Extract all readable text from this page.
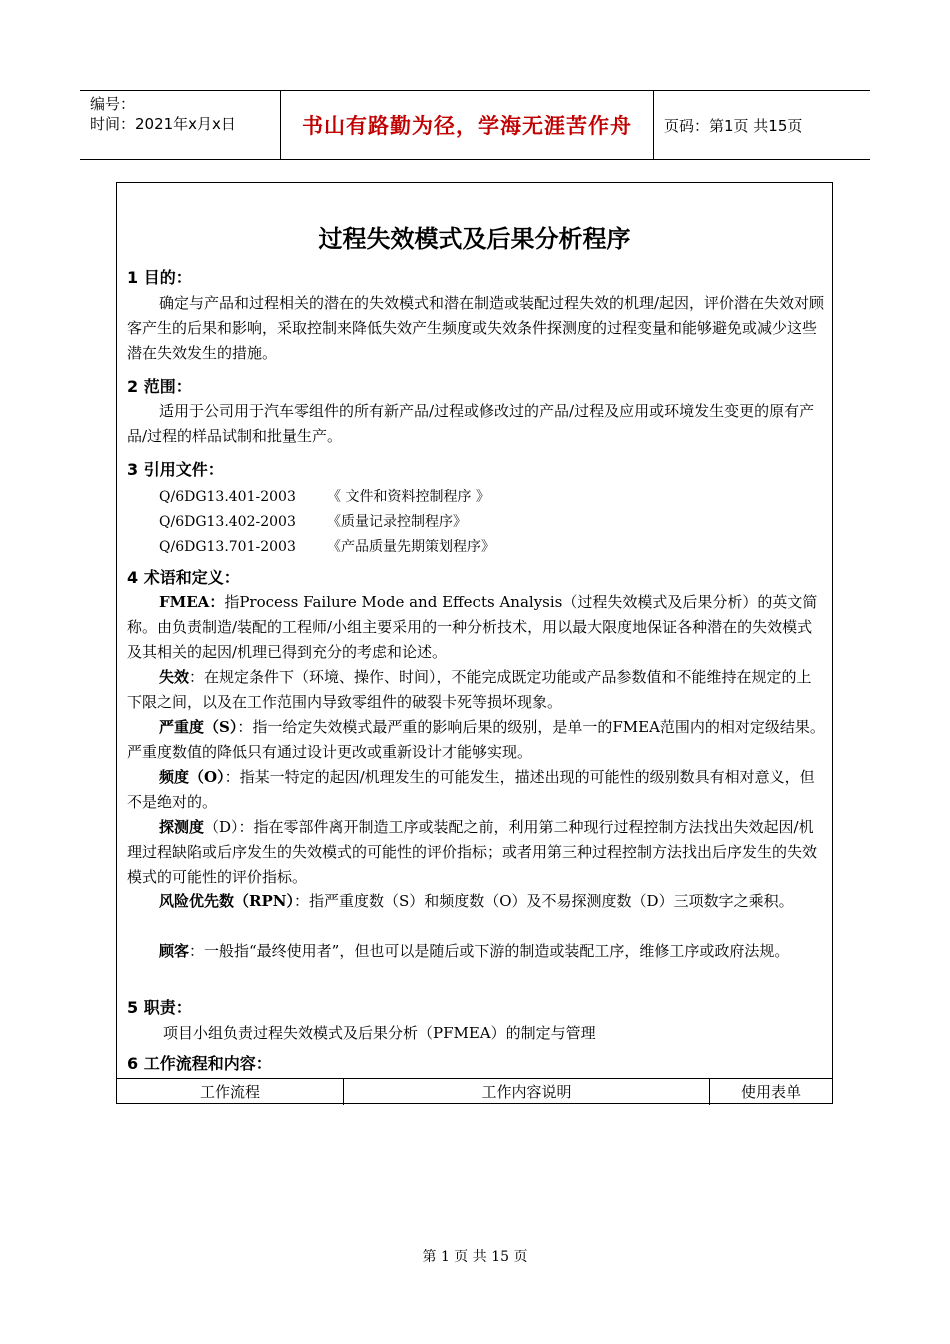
编号：
时间：2021年x月x日	书山有路勤为径，学海无涯苦作舟 页码：第1页 共15页
过程失效模式及后果分析程序
1 目的：
确定与产品和过程相关的潜在的失效模式和潜在制造或装配过程失效的机理/起因，评价潜在失效对顾客产生的后果和影响，采取控制来降低失效产生频度或失效条件探测度的过程变量和能够避免或减少这些潜在失效发生的措施。
2 范围：
适用于公司用于汽车零组件的所有新产品/过程或修改过的产品/过程及应用或环境发生变更的原有产品/过程的样品试制和批量生产。
3 引用文件：
Q/6DG13.401-2003 《 文件和资料控制程序 》
Q/6DG13.402-2003 《质量记录控制程序》
Q/6DG13.701-2003 《产品质量先期策划程序》
4 术语和定义：
FMEA：指Process Failure Mode and Effects Analysis（过程失效模式及后果分析）的英文简称。由负责制造/装配的工程师/小组主要采用的一种分析技术，用以最大限度地保证各种潜在的失效模式及其相关的起因/机理已得到充分的考虑和论述。
失效：在规定条件下（环境、操作、时间），不能完成既定功能或产品参数值和不能维持在规定的上下限之间，以及在工作范围内导致零组件的破裂卡死等损坏现象。
严重度（S）：指一给定失效模式最严重的影响后果的级别，是单一的FMEA范围内的相对定级结果。严重度数值的降低只有通过设计更改或重新设计才能够实现。
频度（O）：指某一特定的起因/机理发生的可能发生，描述出现的可能性的级别数具有相对意义，但不是绝对的。
探测度（D）：指在零部件离开制造工序或装配之前，利用第二种现行过程控制方法找出失效起因/机理过程缺陷或后序发生的失效模式的可能性的评价指标；或者用第三种过程控制方法找出后序发生的失效模式的可能性的评价指标。
风险优先数（RPN）：指严重度数（S）和频度数（O）及不易探测度数（D）三项数字之乘积。
顾客：一般指“最终使用者”，但也可以是随后或下游的制造或装配工序，维修工序或政府法规。
5 职责：
项目小组负责过程失效模式及后果分析（PFMEA）的制定与管理
6 工作流程和内容：
工作流程	工作内容说明	使用表单
第 1 页 共 15 页
